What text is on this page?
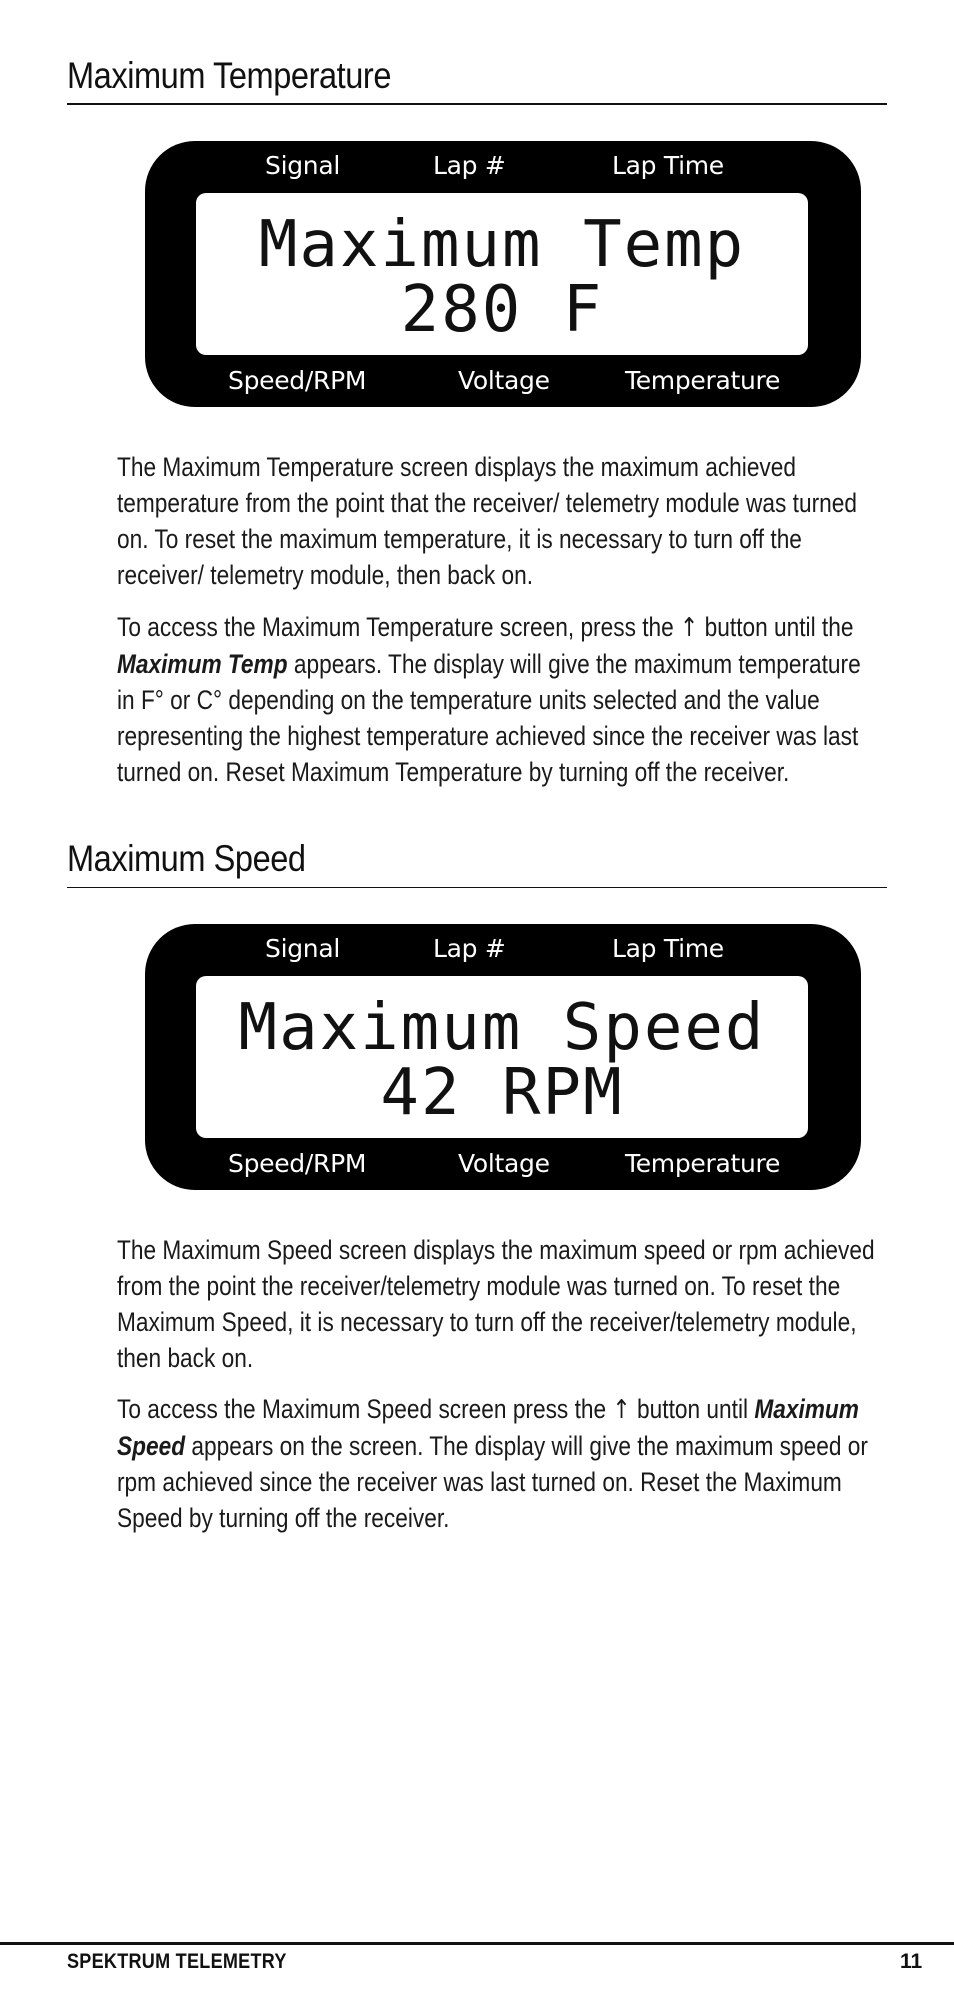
Maximum Temperature
Signal	Lap #	Lap Time
Maximum Temp
280 F
Speed/RPM	Voltage	Temperature

The Maximum Temperature screen displays the maximum achieved temperature from the point that the receiver/ telemetry module was turned on. To reset the maximum temperature, it is necessary to turn off the receiver/ telemetry module, then back on.

To access the Maximum Temperature screen, press the ↑ button until the Maximum Temp appears. The display will give the maximum temperature in F° or C° depending on the temperature units selected and the value representing the highest temperature achieved since the receiver was last turned on. Reset Maximum Temperature by turning off the receiver.

Maximum Speed
Signal	Lap #	Lap Time
Maximum Speed
42 RPM
Speed/RPM	Voltage	Temperature

The Maximum Speed screen displays the maximum speed or rpm achieved from the point the receiver/telemetry module was turned on. To reset the Maximum Speed, it is necessary to turn off the receiver/telemetry module, then back on.

To access the Maximum Speed screen press the ↑ button until Maximum Speed appears on the screen. The display will give the maximum speed or rpm achieved since the receiver was last turned on. Reset the Maximum Speed by turning off the receiver.

SPEKTRUM TELEMETRY	11
